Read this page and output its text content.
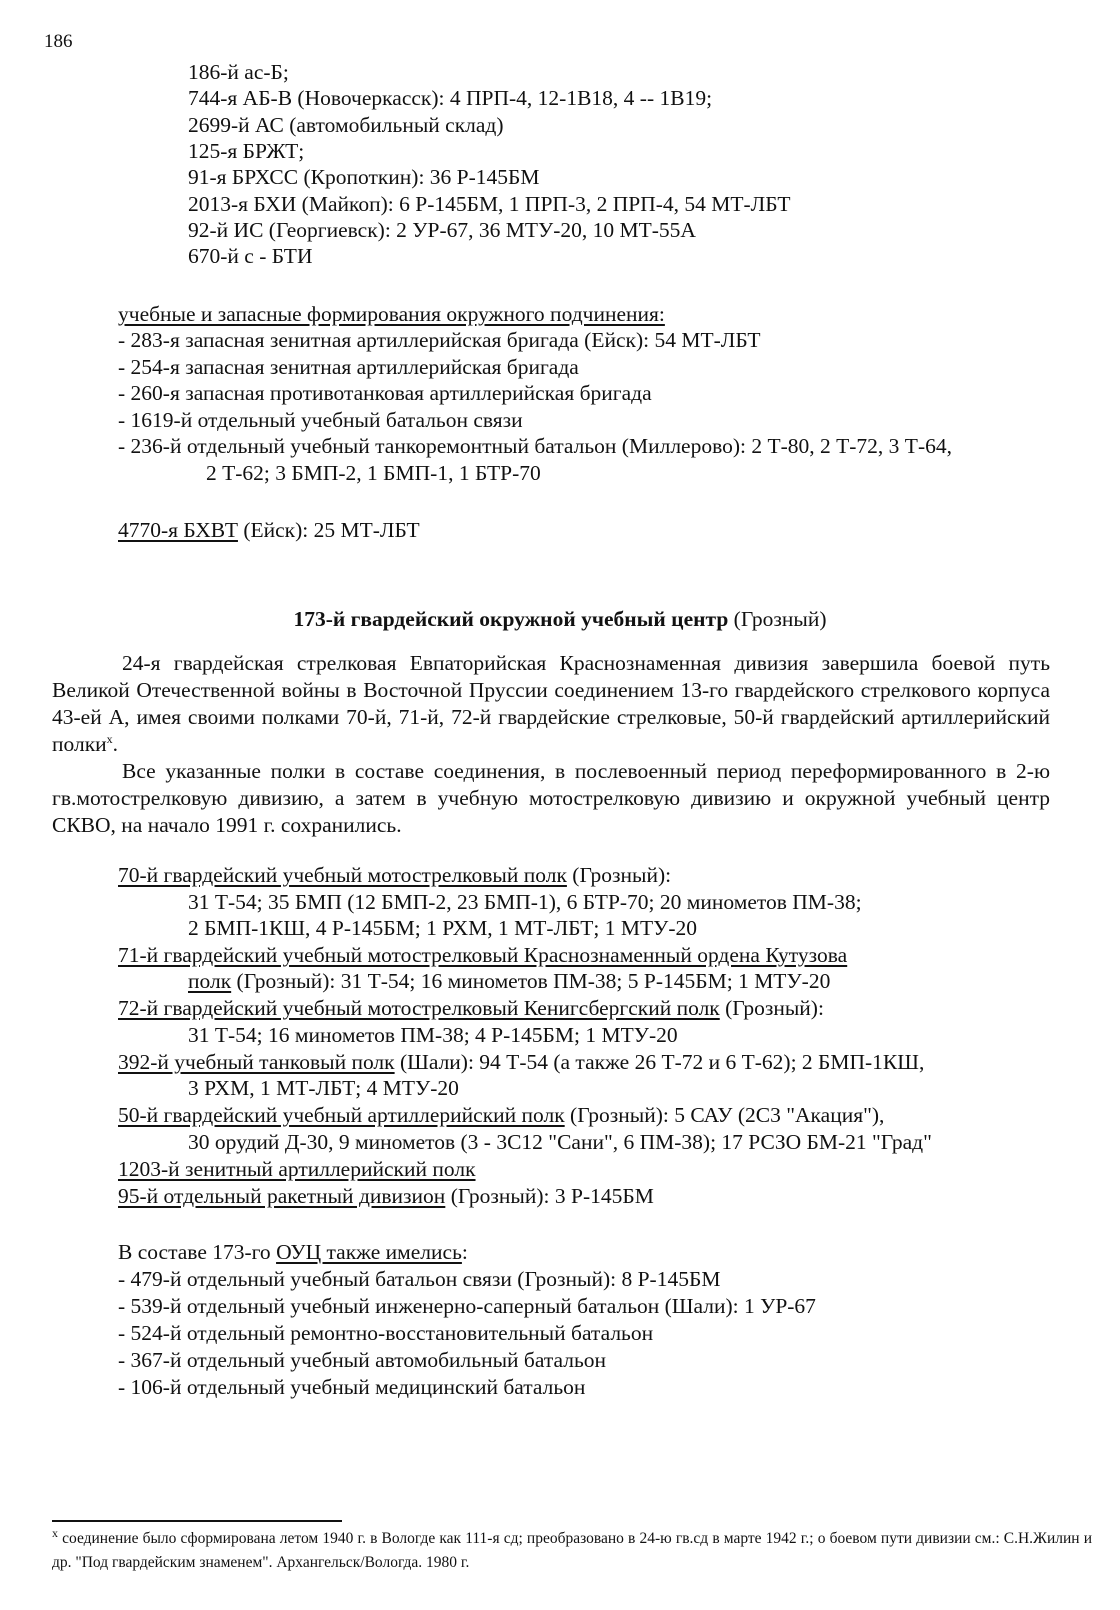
186
186-й ас-Б;
744-я АБ-В (Новочеркасск): 4 ПРП-4, 12-1В18, 4 -- 1В19;
2699-й АС (автомобильный склад)
125-я БРЖТ;
91-я БРХСС (Кропоткин): 36 Р-145БМ
2013-я БХИ (Майкоп): 6 Р-145БМ, 1 ПРП-3, 2 ПРП-4, 54 МТ-ЛБТ
92-й ИС (Георгиевск): 2 УР-67, 36 МТУ-20, 10 МТ-55А
670-й с - БТИ
учебные и запасные формирования окружного подчинения:
- 283-я запасная зенитная артиллерийская бригада (Ейск): 54 МТ-ЛБТ
- 254-я запасная зенитная артиллерийская бригада
- 260-я запасная противотанковая артиллерийская бригада
- 1619-й отдельный учебный батальон связи
- 236-й отдельный учебный танкоремонтный батальон (Миллерово): 2 Т-80, 2 Т-72, 3 Т-64,
2 Т-62; 3 БМП-2, 1 БМП-1, 1 БТР-70
4770-я БХВТ (Ейск): 25 МТ-ЛБТ
173-й гвардейский окружной учебный центр (Грозный)

24-я гвардейская стрелковая Евпаторийская Краснознаменная дивизия завершила боевой путь Великой Отечественной войны в Восточной Пруссии соединением 13-го гвардейского стрелкового корпуса 43-ей А, имея своими полками 70-й, 71-й, 72-й гвардейские стрелковые, 50-й гвардейский артиллерийский полки$^х$.

Все указанные полки в составе соединения, в послевоенный период переформированного в 2-ю гв.мотострелковую дивизию, а затем в учебную мотострелковую дивизию и окружной учебный центр СКВО, на начало 1991 г. сохранились.

70-й гвардейский учебный мотострелковый полк (Грозный):
31 Т-54; 35 БМП (12 БМП-2, 23 БМП-1), 6 БТР-70; 20 минометов ПМ-38;
2 БМП-1КШ, 4 Р-145БМ; 1 РХМ, 1 МТ-ЛБТ; 1 МТУ-20
71-й гвардейский учебный мотострелковый Краснознаменный ордена Кутузова
полк (Грозный): 31 Т-54; 16 минометов ПМ-38; 5 Р-145БМ; 1 МТУ-20
72-й гвардейский учебный мотострелковый Кенигсбергский полк (Грозный):
31 Т-54; 16 минометов ПМ-38; 4 Р-145БМ; 1 МТУ-20
392-й учебный танковый полк (Шали): 94 Т-54 (а также 26 Т-72 и 6 Т-62); 2 БМП-1КШ,
3 РХМ, 1 МТ-ЛБТ; 4 МТУ-20
50-й гвардейский учебный артиллерийский полк (Грозный): 5 САУ (2С3 "Акация"),
30 орудий Д-30, 9 минометов (3 - 3С12 "Сани", 6 ПМ-38); 17 РСЗО БМ-21 "Град"
1203-й зенитный артиллерийский полк
95-й отдельный ракетный дивизион (Грозный): 3 Р-145БМ
В составе 173-го ОУЦ также имелись:
- 479-й отдельный учебный батальон связи (Грозный): 8 Р-145БМ
- 539-й отдельный учебный инженерно-саперный батальон (Шали): 1 УР-67
- 524-й отдельный ремонтно-восстановительный батальон
- 367-й отдельный учебный автомобильный батальон
- 106-й отдельный учебный медицинский батальон

$^х$ соединение было сформирована летом 1940 г. в Вологде как 111-я сд; преобразовано в 24-ю гв.сд в марте 1942 г.; о боевом пути дивизии см.: С.Н.Жилин и др. "Под гвардейским знаменем". Архангельск/Вологда. 1980 г.
